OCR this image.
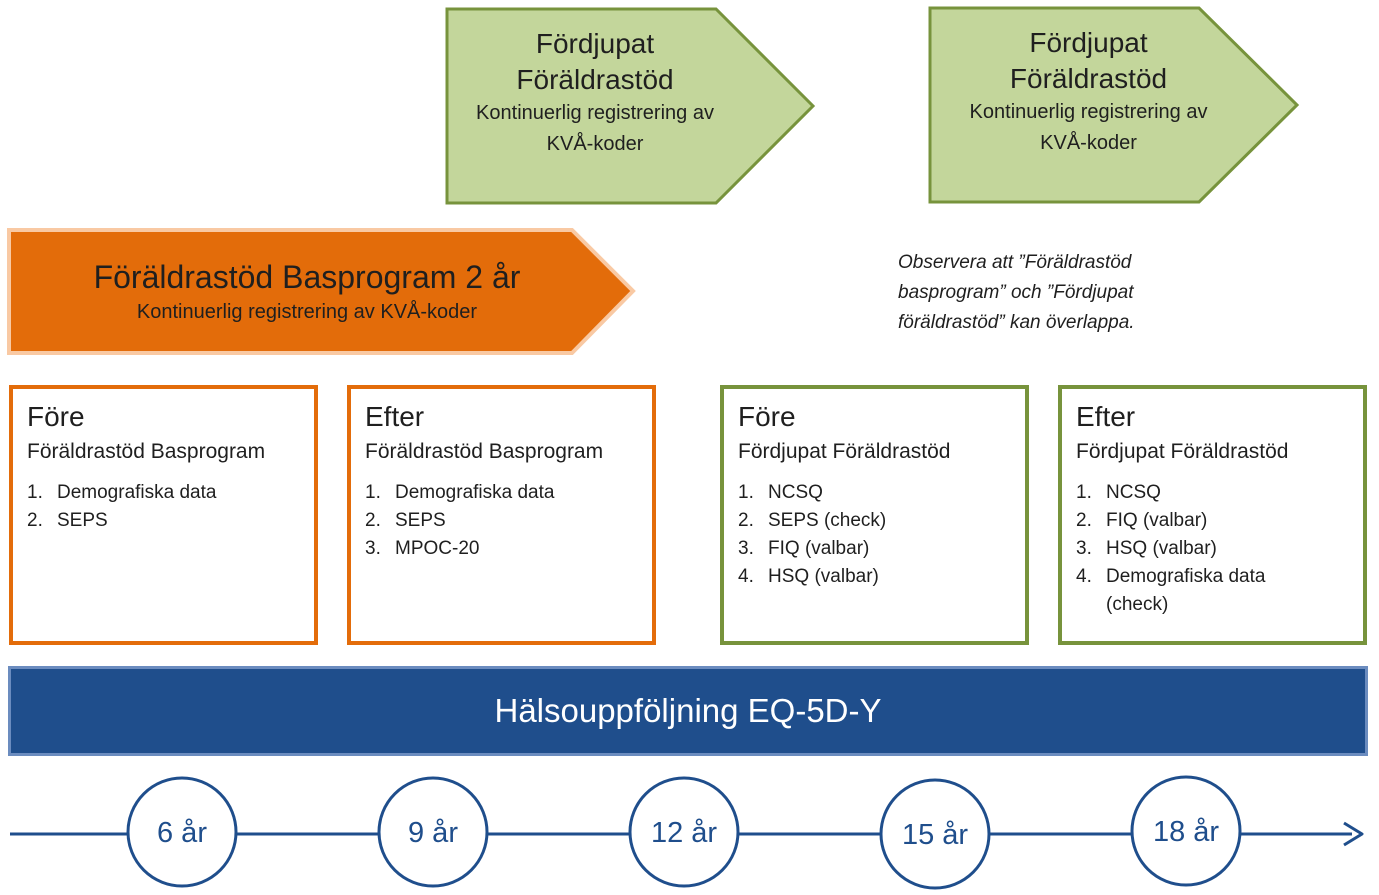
Fördjupat
Föräldrastöd
Kontinuerlig registrering av
KVÅ-koder
Fördjupat
Föräldrastöd
Kontinuerlig registrering av
KVÅ-koder
Föräldrastöd Basprogram 2 år
Kontinuerlig registrering av KVÅ-koder
Observera att ”Föräldrastöd
basprogram” och ”Fördjupat
föräldrastöd” kan överlappa.
Före
Föräldrastöd Basprogram
1. Demografiska data
2. SEPS
Efter
Föräldrastöd Basprogram
1. Demografiska data
2. SEPS
3. MPOC-20
Före
Fördjupat Föräldrastöd
1. NCSQ
2. SEPS (check)
3. FIQ (valbar)
4. HSQ (valbar)
Efter
Fördjupat Föräldrastöd
1. NCSQ
2. FIQ (valbar)
3. HSQ (valbar)
4. Demografiska data (check)
Hälsouppföljning EQ-5D-Y
6 år	9 år	12 år	15 år	18 år
